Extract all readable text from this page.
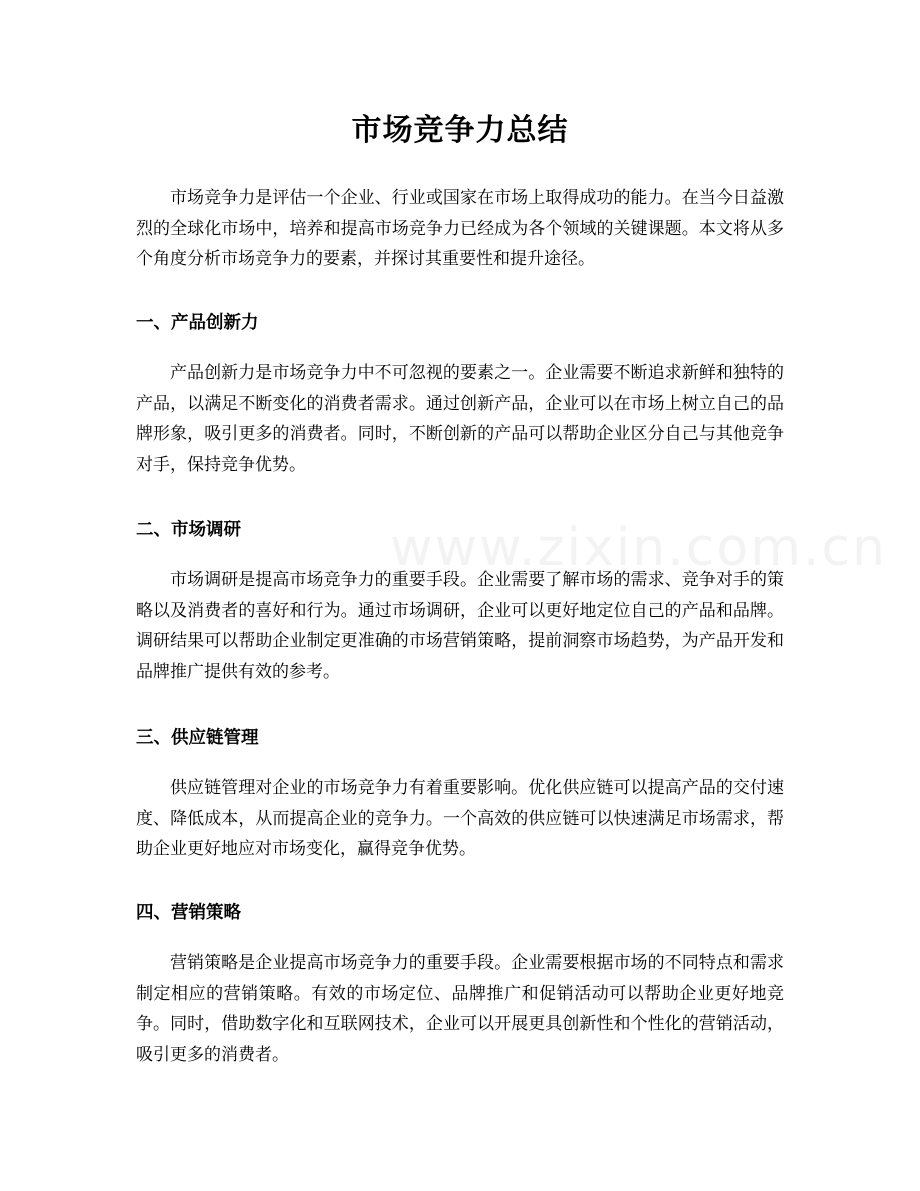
www.zixin.com.cn
市场竞争力总结

市场竞争力是评估一个企业、行业或国家在市场上取得成功的能力。在当今日益激烈的全球化市场中，培养和提高市场竞争力已经成为各个领域的关键课题。本文将从多个角度分析市场竞争力的要素，并探讨其重要性和提升途径。

一、产品创新力

产品创新力是市场竞争力中不可忽视的要素之一。企业需要不断追求新鲜和独特的产品，以满足不断变化的消费者需求。通过创新产品，企业可以在市场上树立自己的品牌形象，吸引更多的消费者。同时，不断创新的产品可以帮助企业区分自己与其他竞争对手，保持竞争优势。

二、市场调研

市场调研是提高市场竞争力的重要手段。企业需要了解市场的需求、竞争对手的策略以及消费者的喜好和行为。通过市场调研，企业可以更好地定位自己的产品和品牌。调研结果可以帮助企业制定更准确的市场营销策略，提前洞察市场趋势，为产品开发和品牌推广提供有效的参考。

三、供应链管理

供应链管理对企业的市场竞争力有着重要影响。优化供应链可以提高产品的交付速度、降低成本，从而提高企业的竞争力。一个高效的供应链可以快速满足市场需求，帮助企业更好地应对市场变化，赢得竞争优势。

四、营销策略

营销策略是企业提高市场竞争力的重要手段。企业需要根据市场的不同特点和需求制定相应的营销策略。有效的市场定位、品牌推广和促销活动可以帮助企业更好地竞争。同时，借助数字化和互联网技术，企业可以开展更具创新性和个性化的营销活动，吸引更多的消费者。
